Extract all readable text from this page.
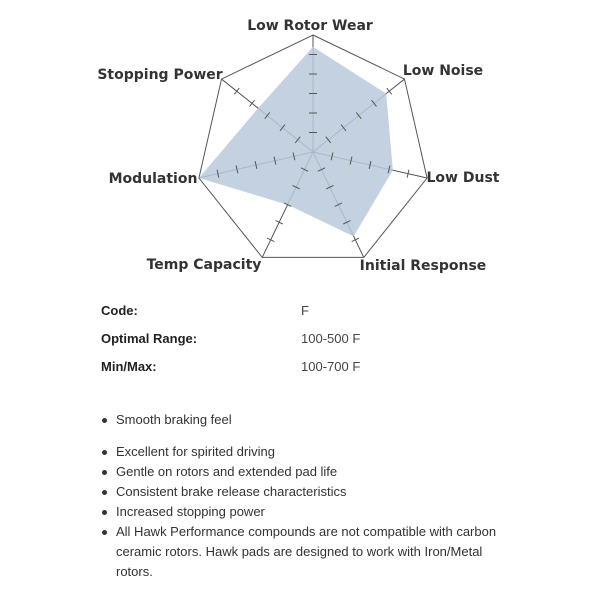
Low Rotor Wear
Low Noise
Low Dust
Initial Response
Temp Capacity
Modulation
Stopping Power
Code:	F
Optimal Range:	100-500 F
Min/Max:	100-700 F
Smooth braking feel
Excellent for spirited driving
Gentle on rotors and extended pad life
Consistent brake release characteristics
Increased stopping power
All Hawk Performance compounds are not compatible with carbon ceramic rotors. Hawk pads are designed to work with Iron/Metal rotors.
